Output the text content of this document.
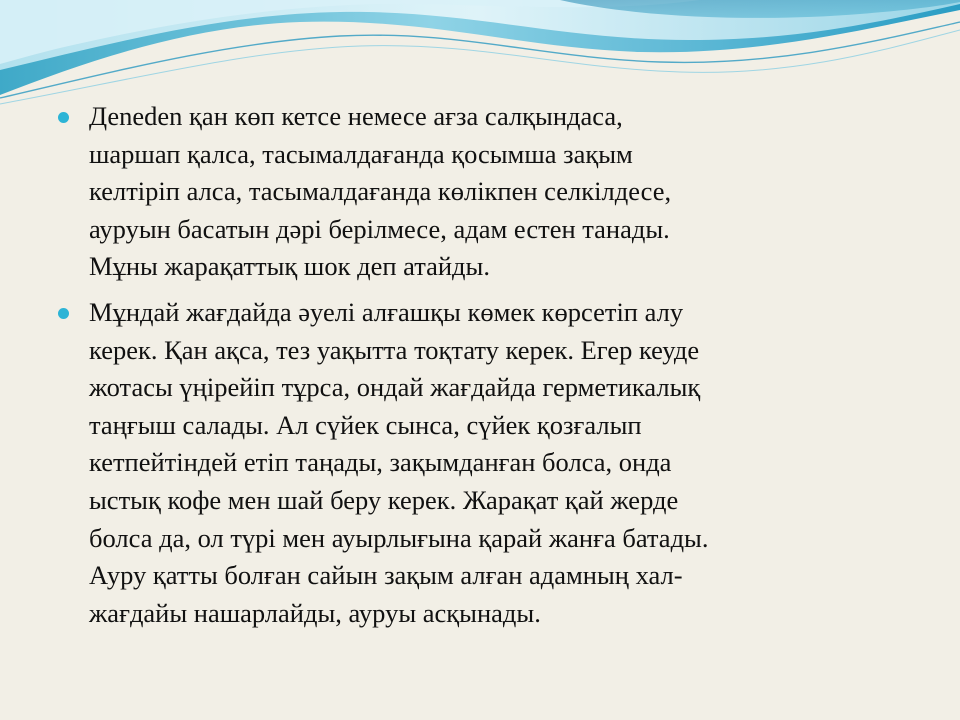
Деneden қан көп кетсе немесе ағза салқындаса,
шаршап қалса, тасымалдағанда қосымша зақым
келтіріп алса, тасымалдағанда көлікпен селкілдесе,
ауруын басатын дәрі берілмесе, адам естен танады.
Мұны жарақаттық шок деп атайды.
Мұндай жағдайда әуелі алғашқы көмек көрсетіп алу
керек. Қан ақса, тез уақытта тоқтату керек. Егер кеуде
жотасы үңірейіп тұрса, ондай жағдайда герметикалық
таңғыш салады. Ал сүйек сынса, сүйек қозғалып
кетпейтіндей етіп таңады, зақымданған болса, онда
ыстық кофе мен шай беру керек. Жарақат қай жерде
болса да, ол түрі мен ауырлығына қарай жанға батады.
Ауру қатты болған сайын зақым алған адамның хал-
жағдайы нашарлайды, ауруы асқынады.
